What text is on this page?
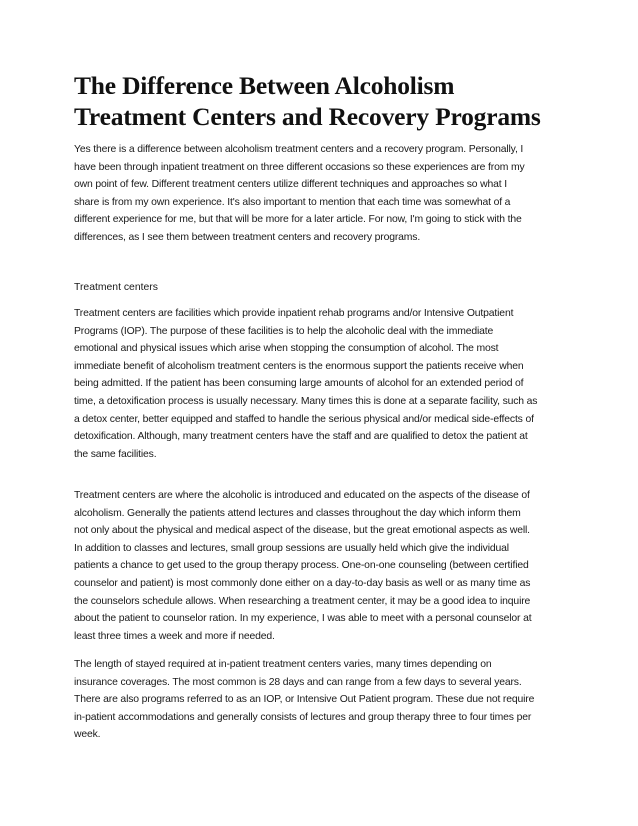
The Difference Between Alcoholism
Treatment Centers and Recovery Programs

Yes there is a difference between alcoholism treatment centers and a recovery program. Personally, I
have been through inpatient treatment on three different occasions so these experiences are from my
own point of few. Different treatment centers utilize different techniques and approaches so what I
share is from my own experience. It's also important to mention that each time was somewhat of a
different experience for me, but that will be more for a later article. For now, I'm going to stick with the
differences, as I see them between treatment centers and recovery programs.

Treatment centers

Treatment centers are facilities which provide inpatient rehab programs and/or Intensive Outpatient
Programs (IOP). The purpose of these facilities is to help the alcoholic deal with the immediate
emotional and physical issues which arise when stopping the consumption of alcohol. The most
immediate benefit of alcoholism treatment centers is the enormous support the patients receive when
being admitted. If the patient has been consuming large amounts of alcohol for an extended period of
time, a detoxification process is usually necessary. Many times this is done at a separate facility, such as
a detox center, better equipped and staffed to handle the serious physical and/or medical side-effects of
detoxification. Although, many treatment centers have the staff and are qualified to detox the patient at
the same facilities.

Treatment centers are where the alcoholic is introduced and educated on the aspects of the disease of
alcoholism. Generally the patients attend lectures and classes throughout the day which inform them
not only about the physical and medical aspect of the disease, but the great emotional aspects as well.
In addition to classes and lectures, small group sessions are usually held which give the individual
patients a chance to get used to the group therapy process. One-on-one counseling (between certified
counselor and patient) is most commonly done either on a day-to-day basis as well or as many time as
the counselors schedule allows. When researching a treatment center, it may be a good idea to inquire
about the patient to counselor ration. In my experience, I was able to meet with a personal counselor at
least three times a week and more if needed.

The length of stayed required at in-patient treatment centers varies, many times depending on
insurance coverages. The most common is 28 days and can range from a few days to several years.
There are also programs referred to as an IOP, or Intensive Out Patient program. These due not require
in-patient accommodations and generally consists of lectures and group therapy three to four times per
week.
